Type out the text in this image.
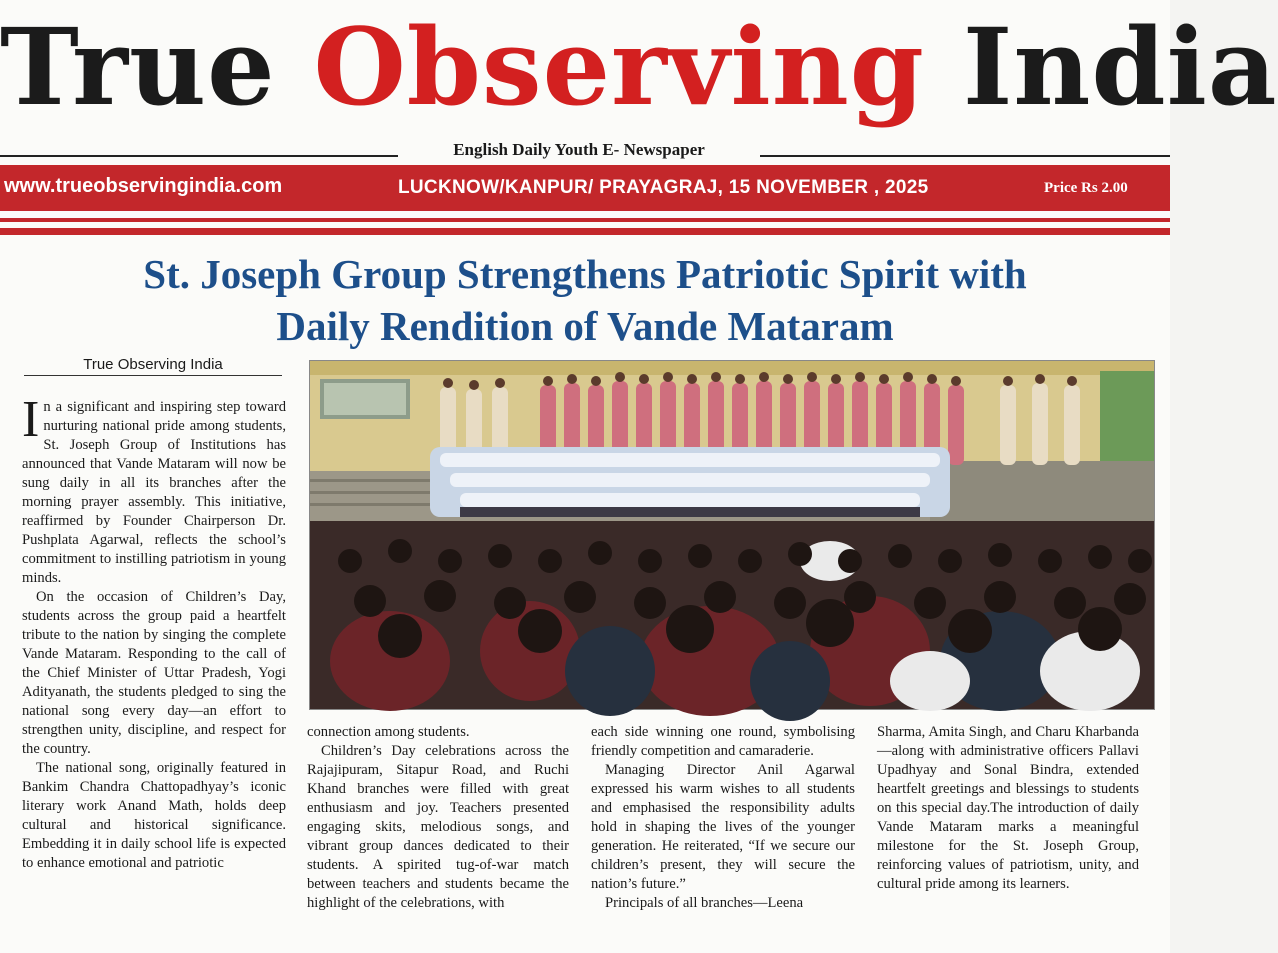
True Observing India
English Daily Youth E- Newspaper
www.trueobservingindia.com	LUCKNOW/KANPUR/ PRAYAGRAJ, 15 NOVEMBER , 2025	Price Rs 2.00
St. Joseph Group Strengthens Patriotic Spirit with
Daily Rendition of Vande Mataram
True Observing India

In a significant and inspiring step toward nurturing national pride among students, St. Joseph Group of Institutions has announced that Vande Mataram will now be sung daily in all its branches after the morning prayer assembly. This initiative, reaffirmed by Founder Chairperson Dr. Pushplata Agarwal, reflects the school’s commitment to instilling patriotism in young minds.

On the occasion of Children’s Day, students across the group paid a heartfelt tribute to the nation by singing the complete Vande Mataram. Responding to the call of the Chief Minister of Uttar Pradesh, Yogi Adityanath, the students pledged to sing the national song every day—an effort to strengthen unity, discipline, and respect for the country.

The national song, originally featured in Bankim Chandra Chattopadhyay’s iconic literary work Anand Math, holds deep cultural and historical significance. Embedding it in daily school life is expected to enhance emotional and patriotic

connection among students.

Children’s Day celebrations across the Rajajipuram, Sitapur Road, and Ruchi Khand branches were filled with great enthusiasm and joy. Teachers presented engaging skits, melodious songs, and vibrant group dances dedicated to their students. A spirited tug-of-war match between teachers and students became the highlight of the celebrations, with

each side winning one round, symbolising friendly competition and camaraderie.

Managing Director Anil Agarwal expressed his warm wishes to all students and emphasised the responsibility adults hold in shaping the lives of the younger generation. He reiterated, “If we secure our children’s present, they will secure the nation’s future.”

Principals of all branches—Leena

Sharma, Amita Singh, and Charu Kharbanda—along with administrative officers Pallavi Upadhyay and Sonal Bindra, extended heartfelt greetings and blessings to students on this special day.The introduction of daily Vande Mataram marks a meaningful milestone for the St. Joseph Group, reinforcing values of patriotism, unity, and cultural pride among its learners.
